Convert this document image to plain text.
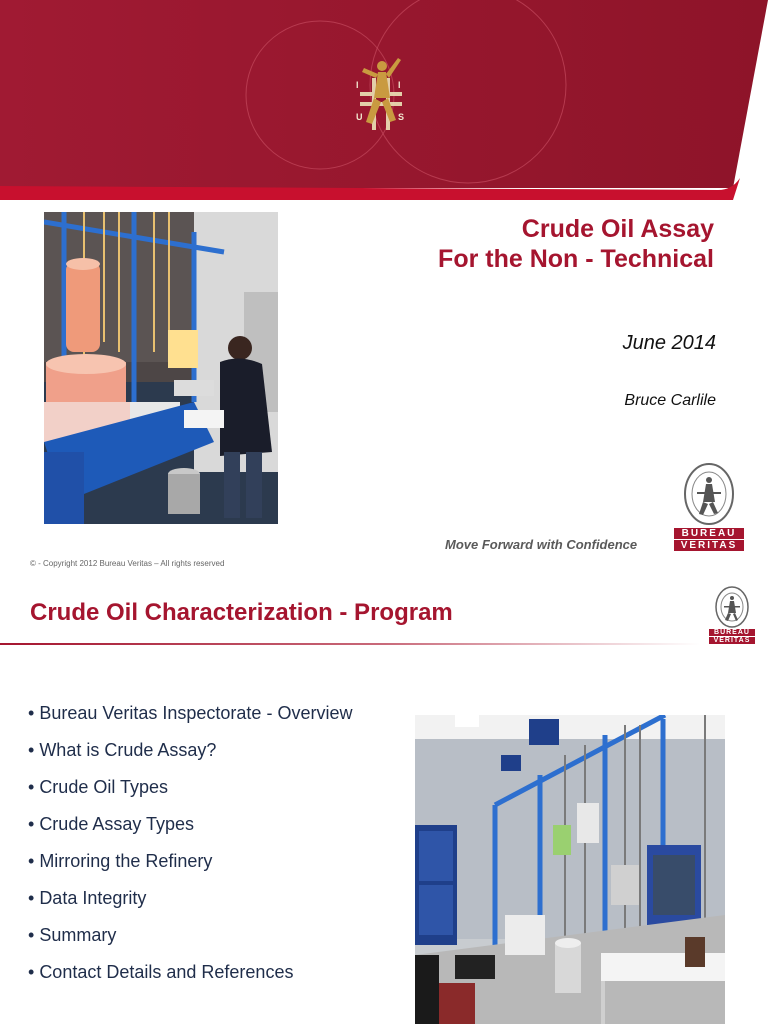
I	I
U	S
Crude Oil Assay
For the Non - Technical
June 2014
Bruce Carlile
BUREAU
VERITAS
Move Forward with Confidence
© - Copyright 2012 Bureau Veritas – All rights reserved
Crude Oil Characterization - Program
BUREAU
VERITAS
• Bureau Veritas Inspectorate - Overview
• What is Crude Assay?
• Crude Oil Types
• Crude Assay Types
• Mirroring the Refinery
• Data Integrity
• Summary
• Contact Details and References
